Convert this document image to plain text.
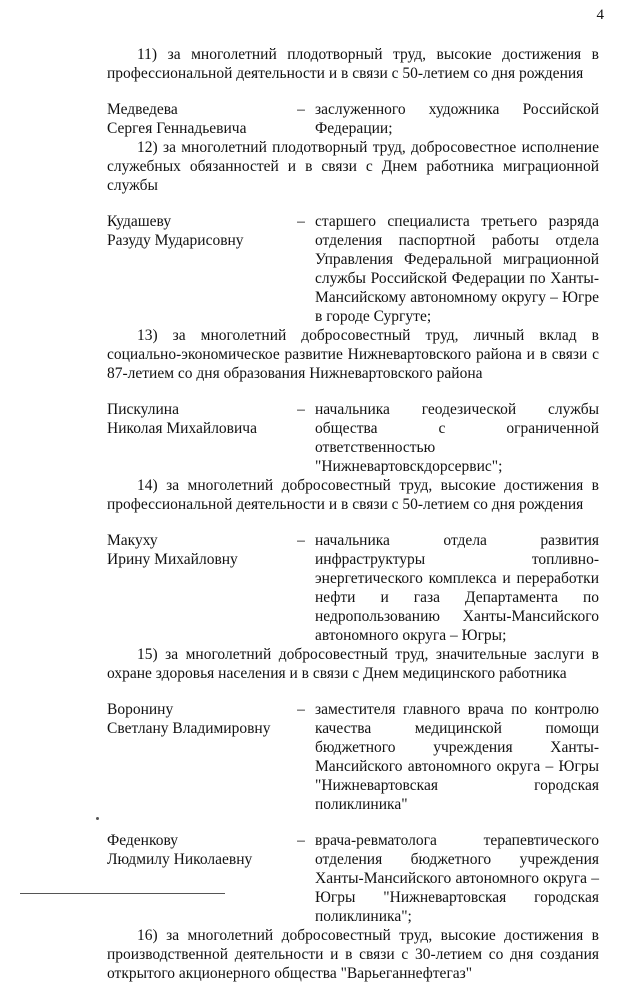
4

11) за многолетний плодотворный труд, высокие достижения в профессиональной деятельности и в связи с 50-летием со дня рождения

Медведева
Сергея Геннадьевича
– заслуженного художника Российской Федерации;

12) за многолетний плодотворный труд, добросовестное исполнение служебных обязанностей и в связи с Днем работника миграционной службы

Кудашеву
Разуду Мударисовну
– старшего специалиста третьего разряда отделения паспортной работы отдела Управления Федеральной миграционной службы Российской Федерации по Ханты-Мансийскому автономному округу – Югре в городе Сургуте;

13) за многолетний добросовестный труд, личный вклад в социально-экономическое развитие Нижневартовского района и в связи с 87-летием со дня образования Нижневартовского района

Пискулина
Николая Михайловича
– начальника геодезической службы общества с ограниченной ответственностью "Нижневартовскдорсервис";

14) за многолетний добросовестный труд, высокие достижения в профессиональной деятельности и в связи с 50-летием со дня рождения

Макуху
Ирину Михайловну
– начальника отдела развития инфраструктуры топливно-энергетического комплекса и переработки нефти и газа Департамента по недропользованию Ханты-Мансийского автономного округа – Югры;

15) за многолетний добросовестный труд, значительные заслуги в охране здоровья населения и в связи с Днем медицинского работника

Воронину
Светлану Владимировну
– заместителя главного врача по контролю качества медицинской помощи бюджетного учреждения Ханты-Мансийского автономного округа – Югры "Нижневартовская городская поликлиника"
Феденкову
Людмилу Николаевну
– врача-ревматолога терапевтического отделения бюджетного учреждения Ханты-Мансийского автономного округа – Югры "Нижневартовская городская поликлиника";

16) за многолетний добросовестный труд, высокие достижения в производственной деятельности и в связи с 30-летием со дня создания открытого акционерного общества "Варьеганнефтегаз"
